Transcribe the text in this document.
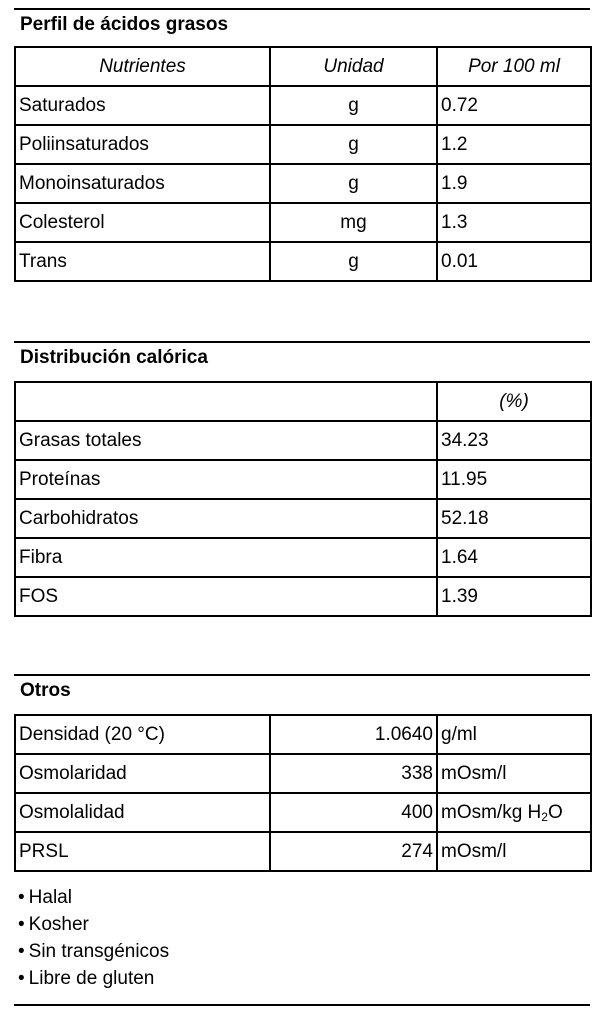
Perfil de ácidos grasos
Nutrientes	Unidad	Por 100 ml
Saturados	g	0.72
Poliinsaturados	g	1.2
Monoinsaturados	g	1.9
Colesterol	mg	1.3
Trans	g	0.01
Distribución calórica
	(%)
Grasas totales	34.23
Proteínas	11.95
Carbohidratos	52.18
Fibra	1.64
FOS	1.39
Otros
Densidad (20 °C)	1.0640	g/ml
Osmolaridad	338	mOsm/l
Osmolalidad	400	mOsm/kg $H_2O$
PRSL	274	mOsm/l
• Halal
• Kosher
• Sin transgénicos
• Libre de gluten
